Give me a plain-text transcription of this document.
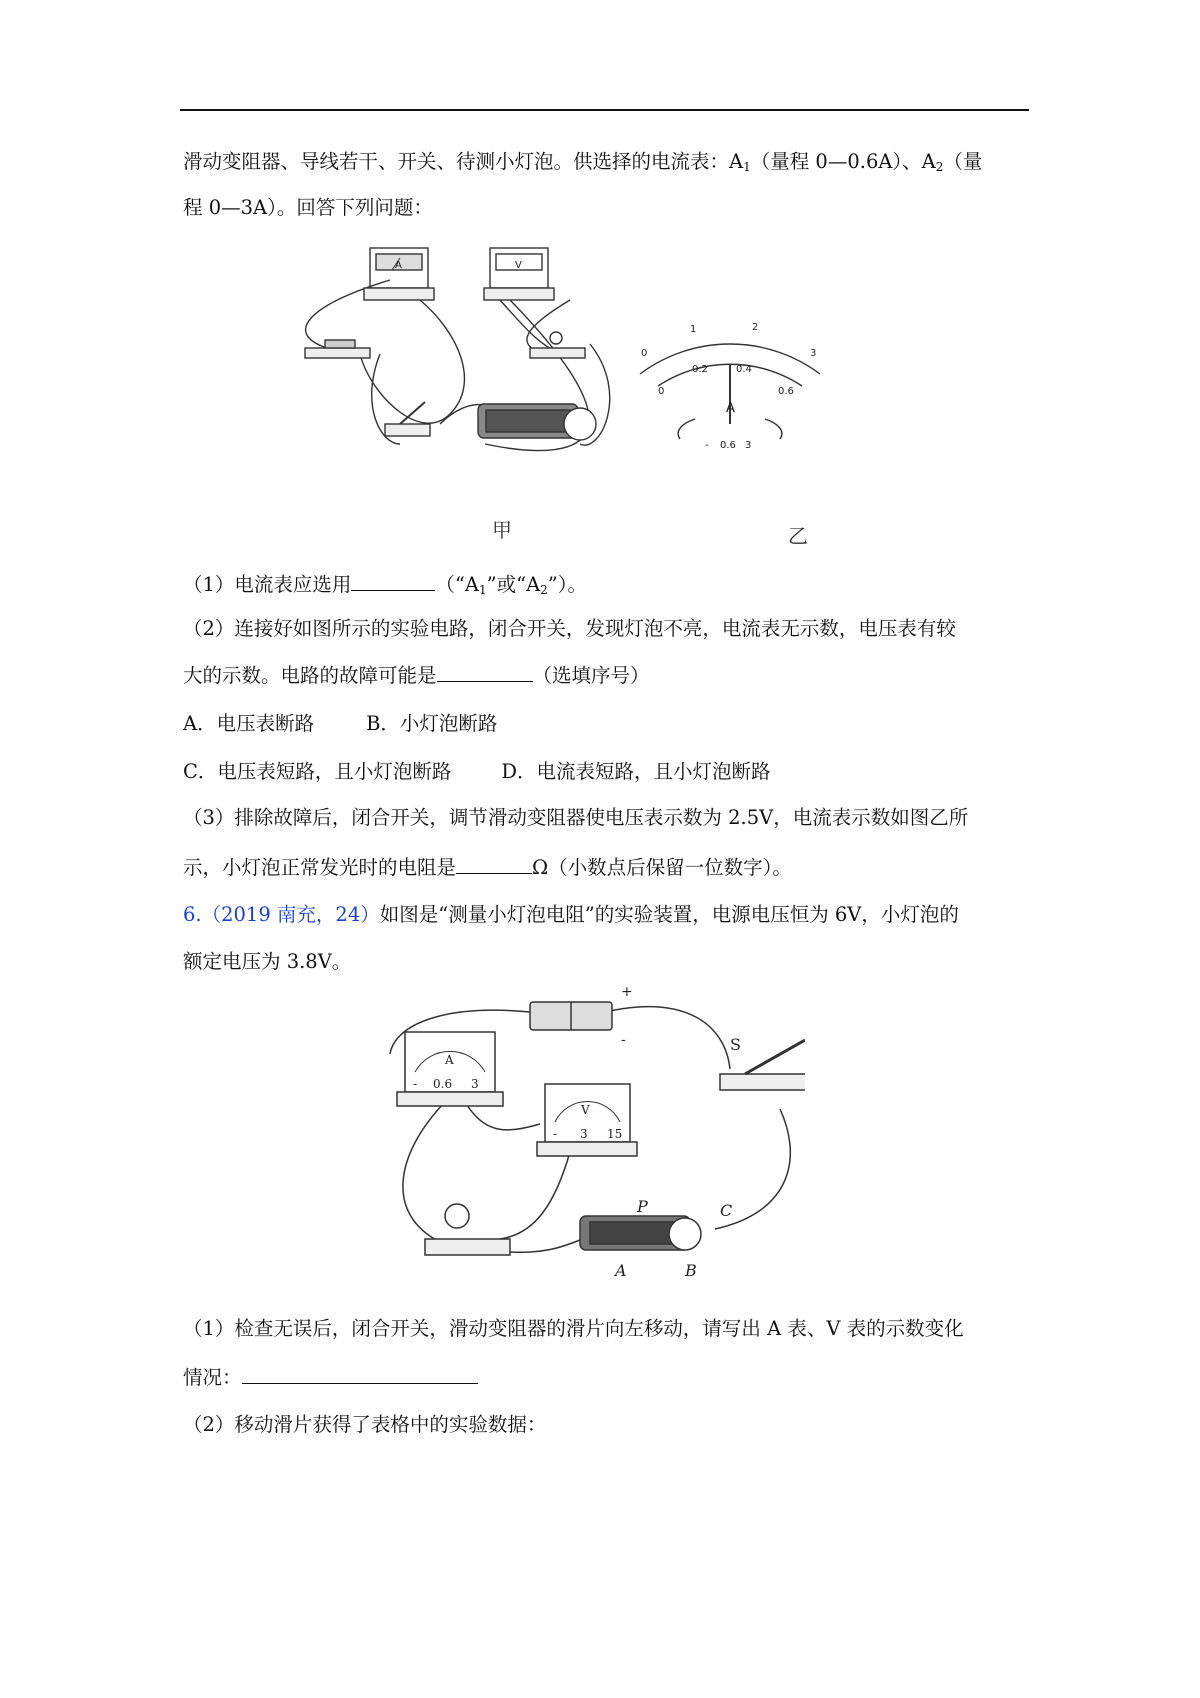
滑动变阻器、导线若干、开关、待测小灯泡。供选择的电流表：$A_1$（量程 0—0.6A）、$A_2$（量
程 0—3A）。回答下列问题：
A	V
0
1	2
3
0
0.2	0.4
0.6
A
- 0.6 3
甲	乙
（1）电流表应选用	（“$A_1$”或“$A_2$”）。
（2）连接好如图所示的实验电路，闭合开关，发现灯泡不亮，电流表无示数，电压表有较
大的示数。电路的故障可能是	（选填序号）
A．电压表断路	B．小灯泡断路
C．电压表短路，且小灯泡断路	D．电流表短路，且小灯泡断路
（3）排除故障后，闭合开关，调节滑动变阻器使电压表示数为 2.5V，电流表示数如图乙所
示，小灯泡正常发光时的电阻是	Ω（小数点后保留一位数字）。
6.（2019 南充，24）如图是“测量小灯泡电阻”的实验装置，电源电压恒为 6V，小灯泡的
额定电压为 3.8V。
A
- 0.6 3
V
- 3 15
S
+
-
P	C
A	B
（1）检查无误后，闭合开关，滑动变阻器的滑片向左移动，请写出 A 表、V 表的示数变化
情况：
（2）移动滑片获得了表格中的实验数据：
